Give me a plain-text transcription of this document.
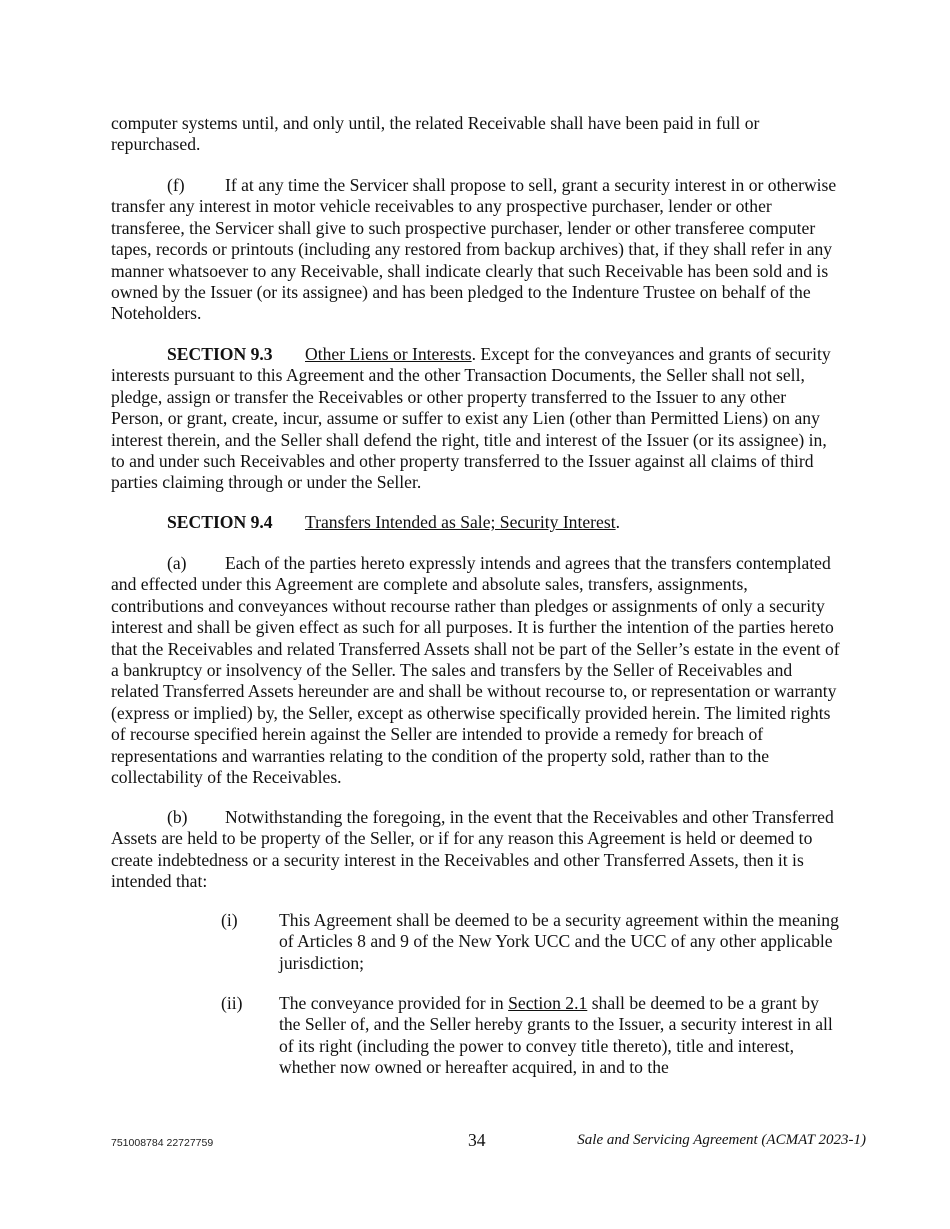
computer systems until, and only until, the related Receivable shall have been paid in full or repurchased.

(f) If at any time the Servicer shall propose to sell, grant a security interest in or otherwise transfer any interest in motor vehicle receivables to any prospective purchaser, lender or other transferee, the Servicer shall give to such prospective purchaser, lender or other transferee computer tapes, records or printouts (including any restored from backup archives) that, if they shall refer in any manner whatsoever to any Receivable, shall indicate clearly that such Receivable has been sold and is owned by the Issuer (or its assignee) and has been pledged to the Indenture Trustee on behalf of the Noteholders.

SECTION 9.3 Other Liens or Interests. Except for the conveyances and grants of security interests pursuant to this Agreement and the other Transaction Documents, the Seller shall not sell, pledge, assign or transfer the Receivables or other property transferred to the Issuer to any other Person, or grant, create, incur, assume or suffer to exist any Lien (other than Permitted Liens) on any interest therein, and the Seller shall defend the right, title and interest of the Issuer (or its assignee) in, to and under such Receivables and other property transferred to the Issuer against all claims of third parties claiming through or under the Seller.

SECTION 9.4 Transfers Intended as Sale; Security Interest.

(a) Each of the parties hereto expressly intends and agrees that the transfers contemplated and effected under this Agreement are complete and absolute sales, transfers, assignments, contributions and conveyances without recourse rather than pledges or assignments of only a security interest and shall be given effect as such for all purposes. It is further the intention of the parties hereto that the Receivables and related Transferred Assets shall not be part of the Seller’s estate in the event of a bankruptcy or insolvency of the Seller. The sales and transfers by the Seller of Receivables and related Transferred Assets hereunder are and shall be without recourse to, or representation or warranty (express or implied) by, the Seller, except as otherwise specifically provided herein. The limited rights of recourse specified herein against the Seller are intended to provide a remedy for breach of representations and warranties relating to the condition of the property sold, rather than to the collectability of the Receivables.

(b) Notwithstanding the foregoing, in the event that the Receivables and other Transferred Assets are held to be property of the Seller, or if for any reason this Agreement is held or deemed to create indebtedness or a security interest in the Receivables and other Transferred Assets, then it is intended that:

(i) This Agreement shall be deemed to be a security agreement within the meaning of Articles 8 and 9 of the New York UCC and the UCC of any other applicable jurisdiction;
(ii) The conveyance provided for in Section 2.1 shall be deemed to be a grant by the Seller of, and the Seller hereby grants to the Issuer, a security interest in all of its right (including the power to convey title thereto), title and interest, whether now owned or hereafter acquired, in and to the
751008784 22727759	34	Sale and Servicing Agreement (ACMAT 2023-1)
